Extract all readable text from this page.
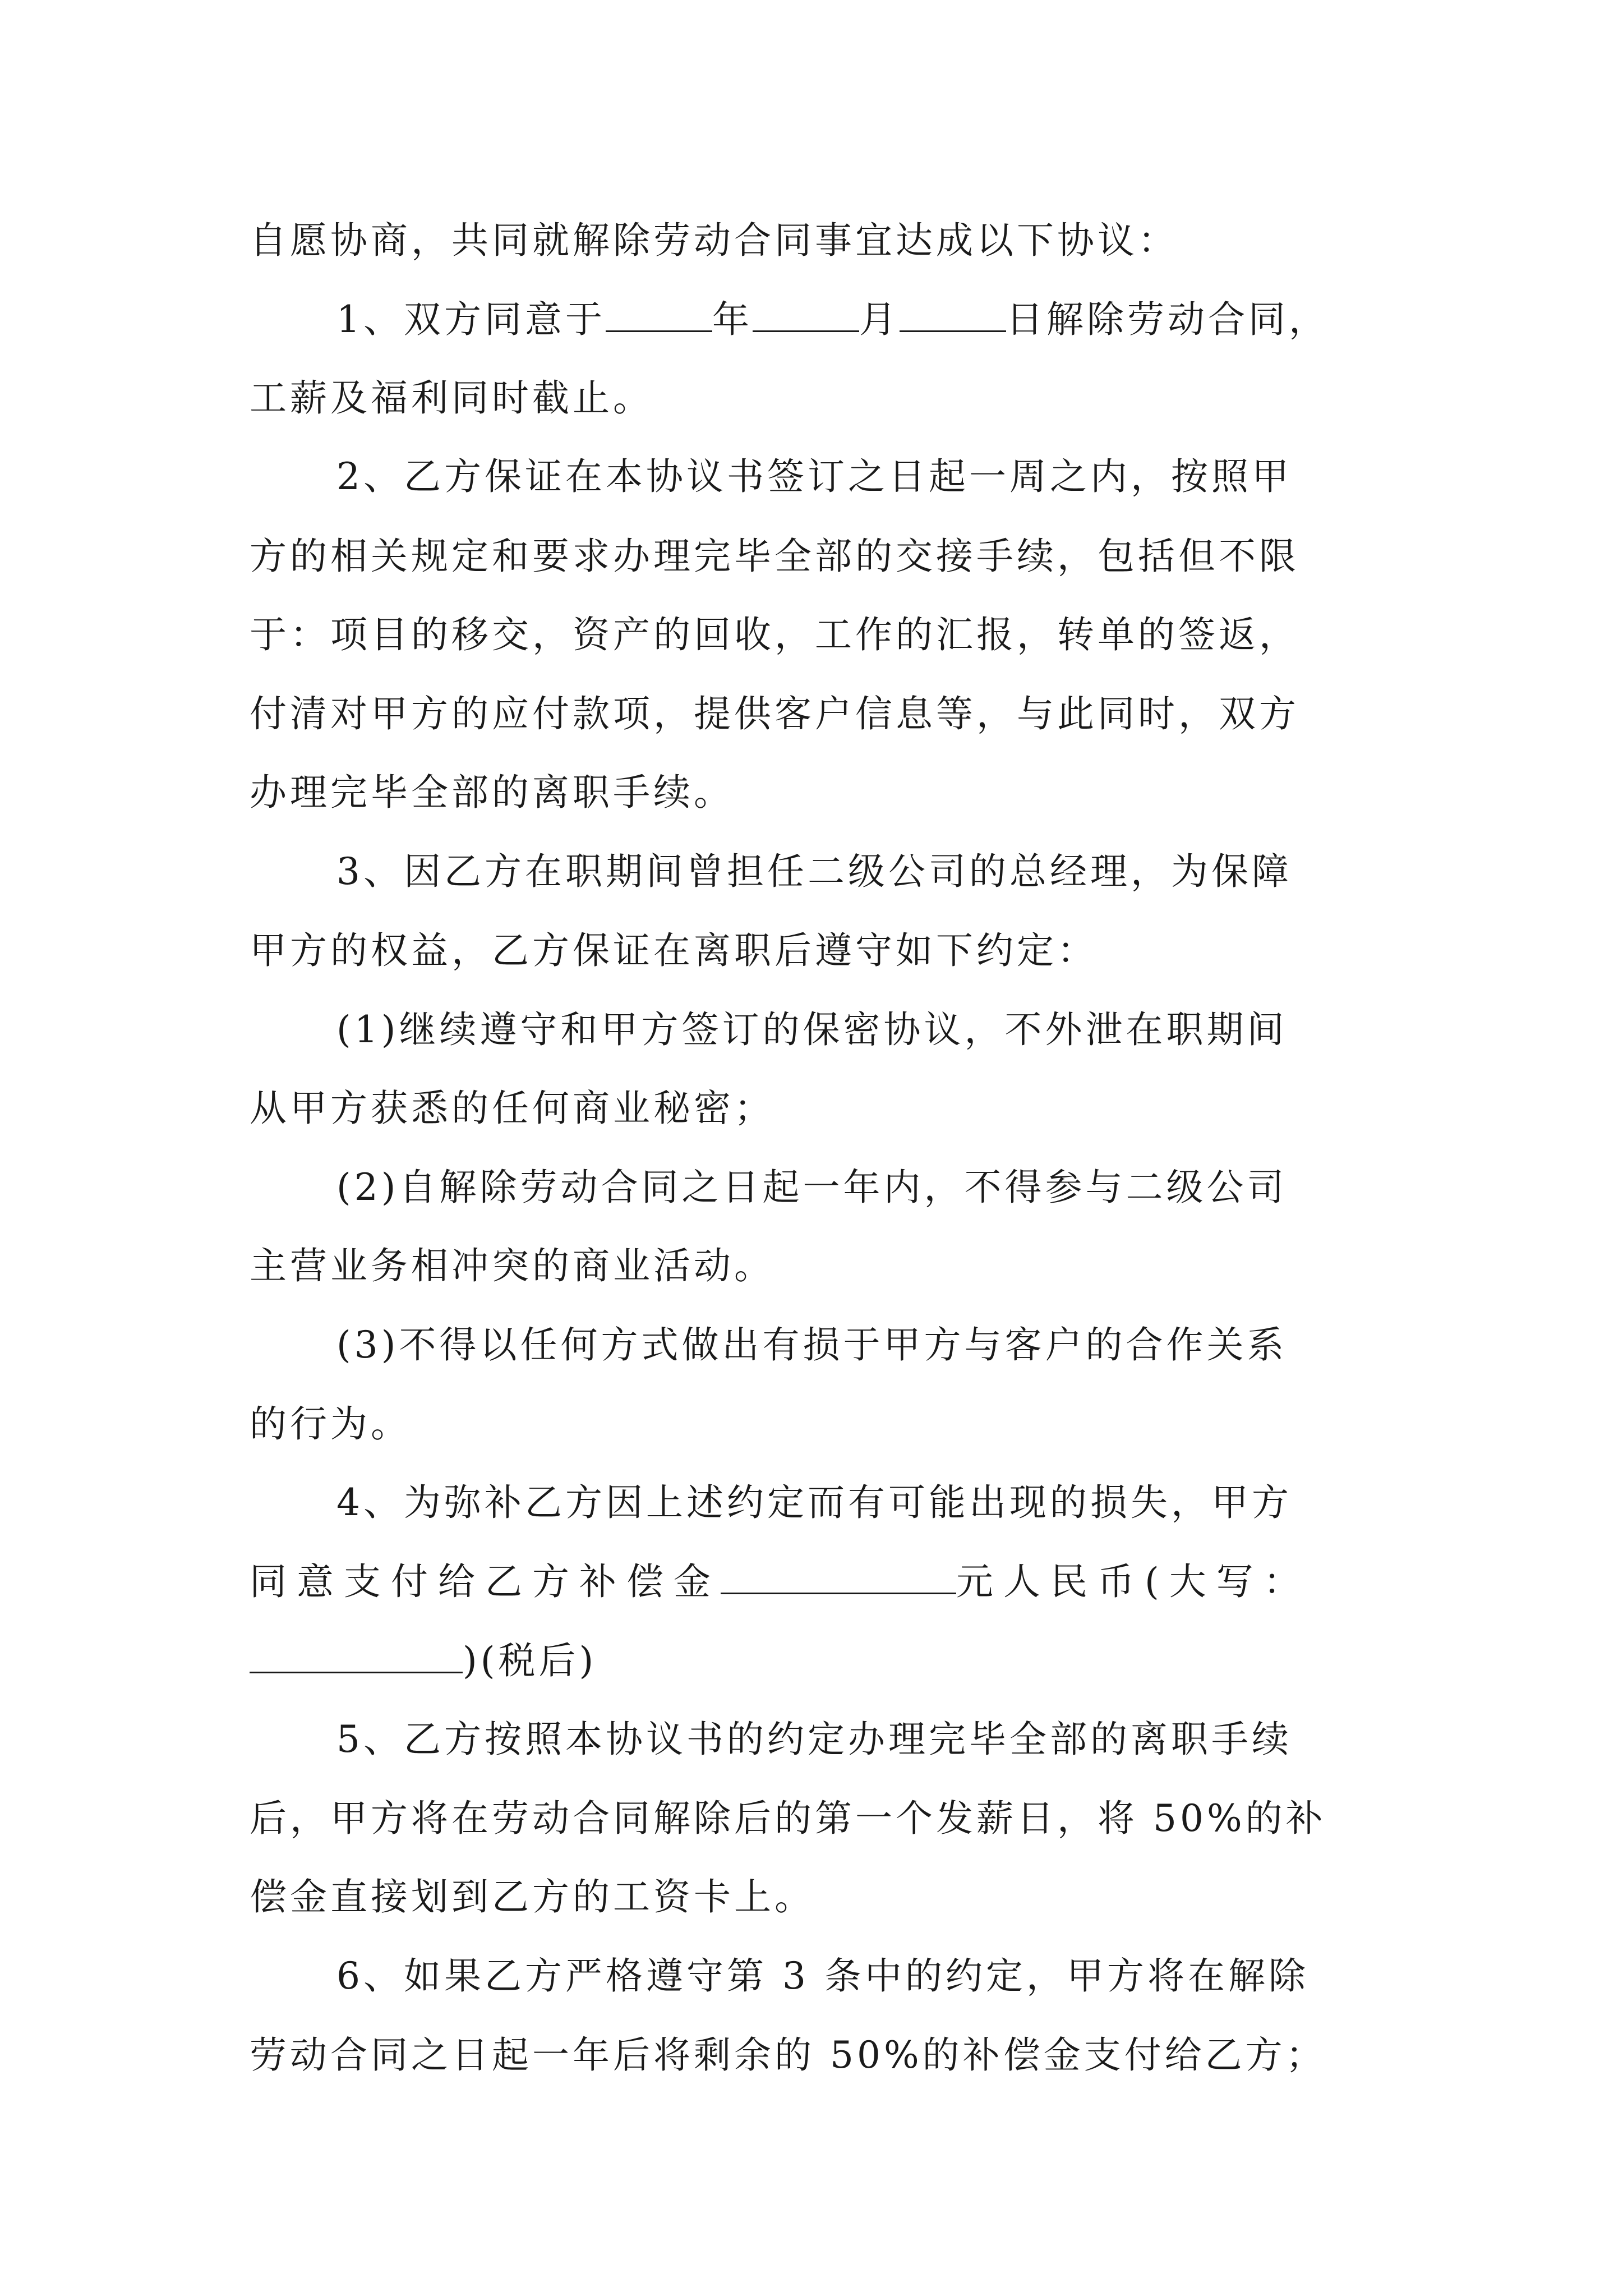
自愿协商，共同就解除劳动合同事宜达成以下协议：
1、双方同意于	年	月	日解除劳动合同，
工薪及福利同时截止。
2、乙方保证在本协议书签订之日起一周之内，按照甲
方的相关规定和要求办理完毕全部的交接手续，包括但不限
于：项目的移交，资产的回收，工作的汇报，转单的签返，
付清对甲方的应付款项，提供客户信息等，与此同时，双方
办理完毕全部的离职手续。
3、因乙方在职期间曾担任二级公司的总经理，为保障
甲方的权益，乙方保证在离职后遵守如下约定：
(1)继续遵守和甲方签订的保密协议，不外泄在职期间
从甲方获悉的任何商业秘密；
(2)自解除劳动合同之日起一年内，不得参与二级公司
主营业务相冲突的商业活动。
(3)不得以任何方式做出有损于甲方与客户的合作关系
的行为。
4、为弥补乙方因上述约定而有可能出现的损失，甲方
同意支付给乙方补偿金	元人民币(大写：
)(税后)
5、乙方按照本协议书的约定办理完毕全部的离职手续
后，甲方将在劳动合同解除后的第一个发薪日，将 50%的补
偿金直接划到乙方的工资卡上。
6、如果乙方严格遵守第 3 条中的约定，甲方将在解除
劳动合同之日起一年后将剩余的 50%的补偿金支付给乙方；
